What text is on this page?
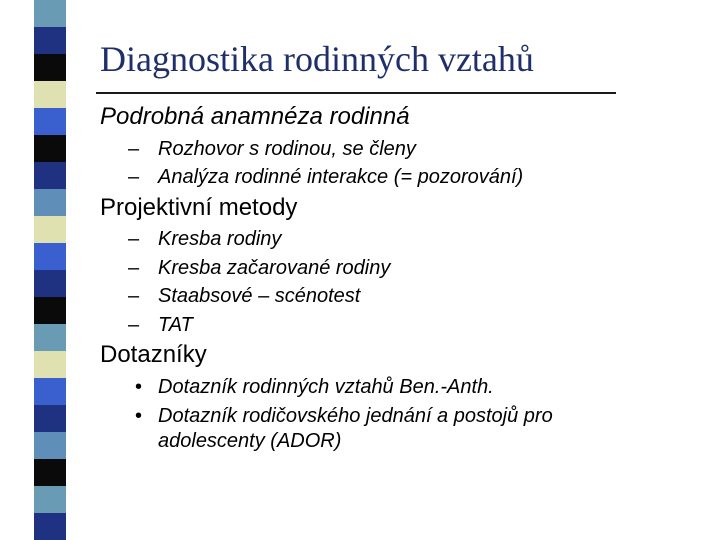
Diagnostika rodinných vztahů
Podrobná anamnéza rodinná
– Rozhovor s rodinou, se členy
– Analýza rodinné interakce (= pozorování)
Projektivní metody
– Kresba rodiny
– Kresba začarované rodiny
– Staabsové – scénotest
– TAT
Dotazníky
• Dotazník rodinných vztahů Ben.-Anth.
• Dotazník rodičovského jednání a postojů pro
adolescenty (ADOR)
